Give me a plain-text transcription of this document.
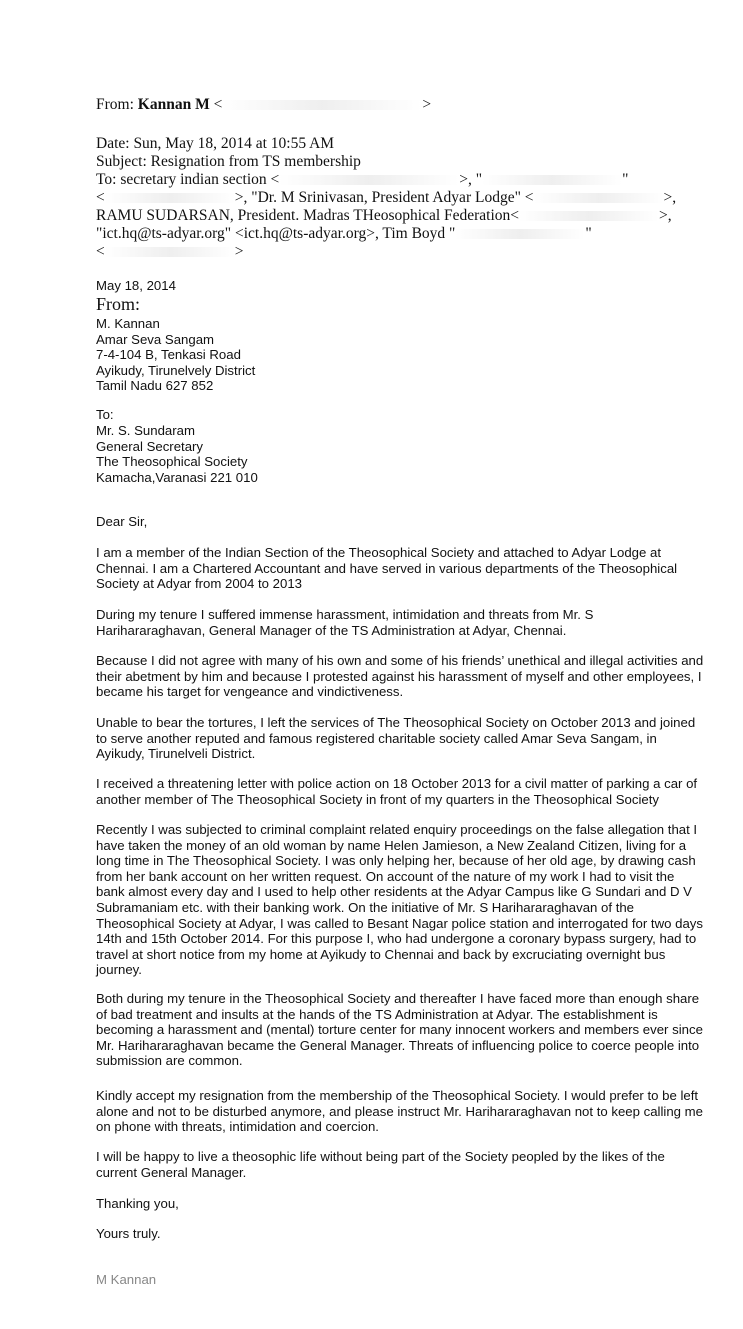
From: Kannan M <	>
Date: Sun, May 18, 2014 at 10:55 AM
Subject: Resignation from TS membership
To: secretary indian section <	>, "	"
<	>, "Dr. M Srinivasan, President Adyar Lodge" <	>,
RAMU SUDARSAN, President. Madras THeosophical Federation<	>,
"ict.hq@ts-adyar.org" <ict.hq@ts-adyar.org>, Tim Boyd "	"
<	>
May 18, 2014
From:
M. Kannan
Amar Seva Sangam
7-4-104 B, Tenkasi Road
Ayikudy, Tirunelvely District
Tamil Nadu 627 852
To:
Mr. S. Sundaram
General Secretary
The Theosophical Society
Kamacha,Varanasi 221 010
Dear Sir,
I am a member of the Indian Section of the Theosophical Society and attached to Adyar Lodge at Chennai. I am a Chartered Accountant and have served in various departments of the Theosophical Society at Adyar from 2004 to 2013
During my tenure I suffered immense harassment, intimidation and threats from Mr. S Harihararaghavan, General Manager of the TS Administration at Adyar, Chennai.
Because I did not agree with many of his own and some of his friends’ unethical and illegal activities and their abetment by him and because I protested against his harassment of myself and other employees, I became his target for vengeance and vindictiveness.
Unable to bear the tortures, I left the services of The Theosophical Society on October 2013 and joined to serve another reputed and famous registered charitable society called Amar Seva Sangam, in Ayikudy, Tirunelveli District.
I received a threatening letter with police action on 18 October 2013 for a civil matter of parking a car of another member of The Theosophical Society in front of my quarters in the Theosophical Society
Recently I was subjected to criminal complaint related enquiry proceedings on the false allegation that I have taken the money of an old woman by name Helen Jamieson, a New Zealand Citizen, living for a long time in The Theosophical Society. I was only helping her, because of her old age, by drawing cash from her bank account on her written request. On account of the nature of my work I had to visit the bank almost every day and I used to help other residents at the Adyar Campus like G Sundari and D V Subramaniam etc. with their banking work. On the initiative of Mr. S Harihararaghavan of the Theosophical Society at Adyar, I was called to Besant Nagar police station and interrogated for two days 14th and 15th October 2014. For this purpose I, who had undergone a coronary bypass surgery, had to travel at short notice from my home at Ayikudy to Chennai and back by excruciating overnight bus journey.
Both during my tenure in the Theosophical Society and thereafter I have faced more than enough share of bad treatment and insults at the hands of the TS Administration at Adyar. The establishment is becoming a harassment and (mental) torture center for many innocent workers and members ever since Mr. Harihararaghavan became the General Manager. Threats of influencing police to coerce people into submission are common.
Kindly accept my resignation from the membership of the Theosophical Society. I would prefer to be left alone and not to be disturbed anymore, and please instruct Mr. Harihararaghavan not to keep calling me on phone with threats, intimidation and coercion.
I will be happy to live a theosophic life without being part of the Society peopled by the likes of the current General Manager.
Thanking you,
Yours truly.
M Kannan
